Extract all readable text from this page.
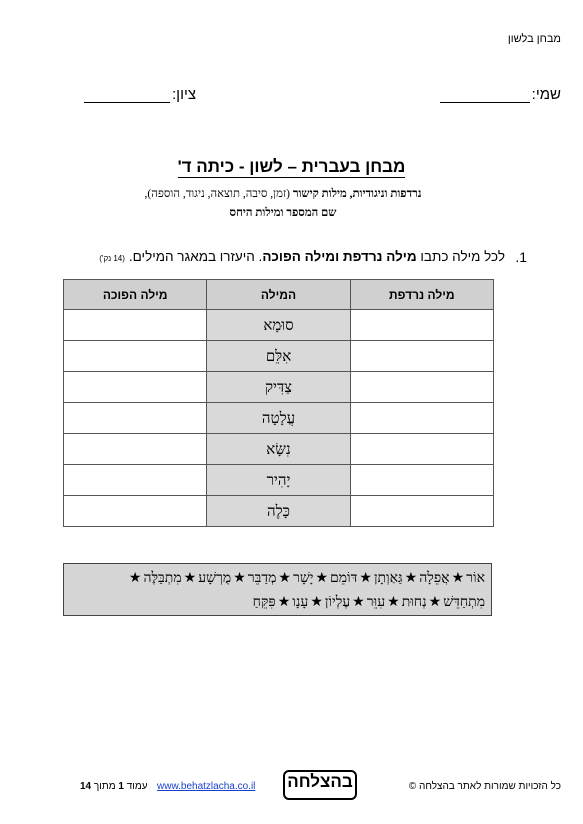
מבחן בלשון
שמי:
ציון:
מבחן בעברית – לשון - כיתה ד'
נרדפות וניגודיות, מילות קישור (זמן, סיבה, תוצאה, ניגוד, הוספה),
שם המספר ומילות היחס
1.
לכל מילה כתבו מילה נרדפת ומילה הפוכה. היעזרו במאגר המילים.(14 נק')
מילה נרדפת	המילה	מילה הפוכה
	סוּמָא	
	אִלֵּם	
	צַדִּיק	
	עֲלָטָה	
	נִשָּׂא	
	יָהִיר	
	כָּלֶה	
אוֹר★אֲפֵלָה★גַּאַוְתָן★דּוֹמֵם★יָשָׁר★מְדַבֵּר★מֻרְשָׁע★מִתְבַּלֶּה★
מִתְחַדֵּשׁ★נְחוּת★עִוֵּר★עֶלְיוֹן★עָנָו★פִּקֵּחַ
כל הזכויות שמורות לאתר בהצלחה ©
בהצלחה
www.behatzlacha.co.il
עמוד 1 מתוך 14
